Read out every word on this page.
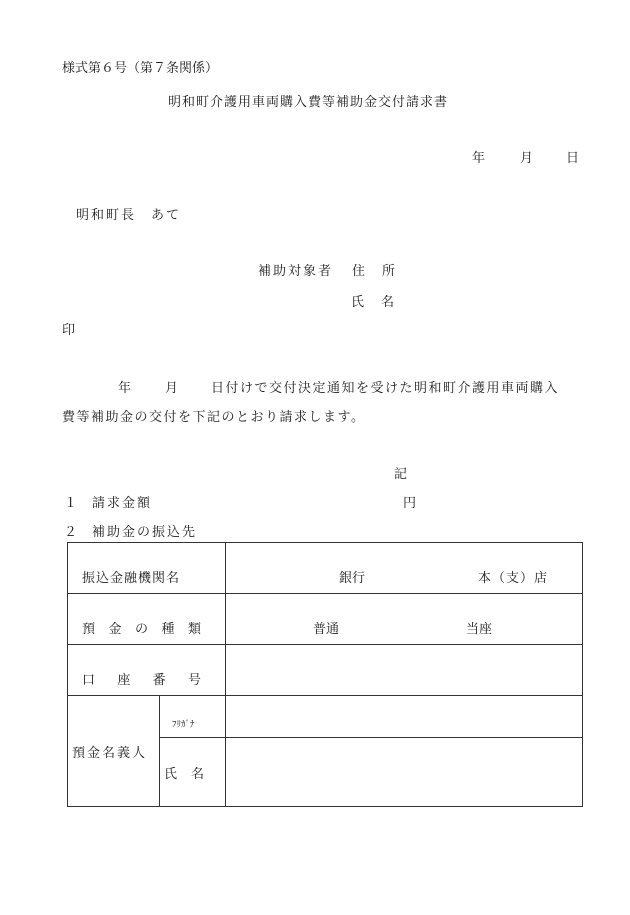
様式第６号（第７条関係）
明和町介護用車両購入費等補助金交付請求書
年	月	日
明和町長　あて
補助対象者 住　所
氏　名
印
年	月	日付けで交付決定通知を受けた明和町介護用車両購入
費等補助金の交付を下記のとおり請求します。
記
１ 請求金額	円
２ 補助金の振込先
振込金融機関名		銀行 本（支）店

預 金 の 種 類		普通 当座

口 座 番 号		

預金名義人	ﾌﾘｶﾞﾅ	

	氏 名	
